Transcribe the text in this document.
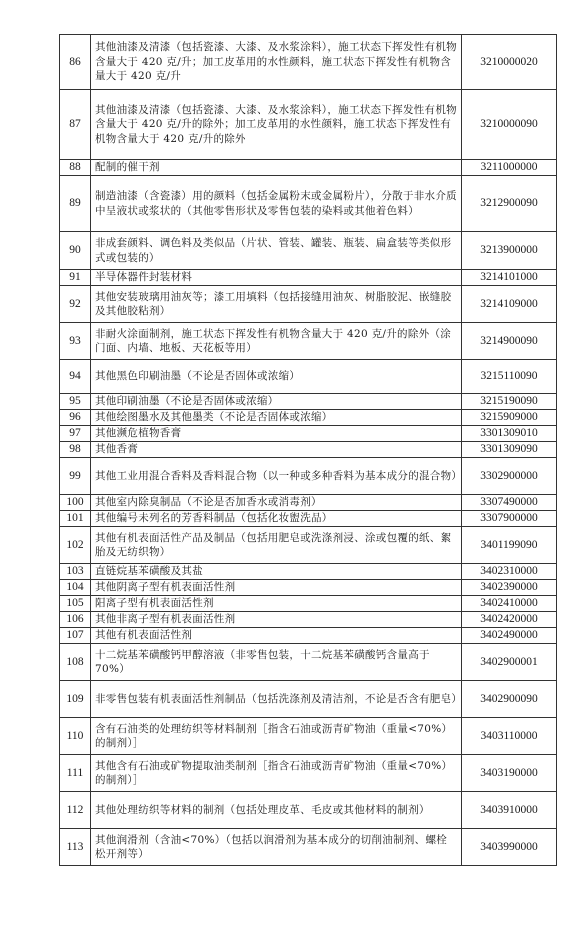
86	其他油漆及清漆（包括瓷漆、大漆、及水浆涂料），施工状态下挥发性有机物含量大于 420 克/升；加工皮革用的水性颜料，施工状态下挥发性有机物含量大于 420 克/升	3210000020
87	其他油漆及清漆（包括瓷漆、大漆、及水浆涂料），施工状态下挥发性有机物含量大于 420 克/升的除外；加工皮革用的水性颜料，施工状态下挥发性有机物含量大于 420 克/升的除外	3210000090
88	配制的催干剂	3211000000
89	制造油漆（含瓷漆）用的颜料（包括金属粉末或金属粉片），分散于非水介质中呈液状或浆状的（其他零售形状及零售包装的染料或其他着色料）	3212900090
90	非成套颜料、调色料及类似品（片状、管装、罐装、瓶装、扁盒装等类似形式或包装的）	3213900000
91	半导体器件封装材料	3214101000
92	其他安装玻璃用油灰等；漆工用填料（包括接缝用油灰、树脂胶泥、嵌缝胶及其他胶粘剂）	3214109000
93	非耐火涂面制剂，施工状态下挥发性有机物含量大于 420 克/升的除外（涂门面、内墙、地板、天花板等用）	3214900090
94	其他黑色印刷油墨（不论是否固体或浓缩）	3215110090
95	其他印刷油墨（不论是否固体或浓缩）	3215190090
96	其他绘图墨水及其他墨类（不论是否固体或浓缩）	3215909000
97	其他濒危植物香膏	3301309010
98	其他香膏	3301309090
99	其他工业用混合香料及香料混合物（以一种或多种香料为基本成分的混合物）	3302900000
100	其他室内除臭制品（不论是否加香水或消毒剂）	3307490000
101	其他编号未列名的芳香料制品（包括化妆盥洗品）	3307900000
102	其他有机表面活性产品及制品（包括用肥皂或洗涤剂浸、涂或包覆的纸、絮胎及无纺织物）	3401199090
103	直链烷基苯磺酸及其盐	3402310000
104	其他阴离子型有机表面活性剂	3402390000
105	阳离子型有机表面活性剂	3402410000
106	其他非离子型有机表面活性剂	3402420000
107	其他有机表面活性剂	3402490000
108	十二烷基苯磺酸钙甲醇溶液（非零售包装，十二烷基苯磺酸钙含量高于 70%）	3402900001
109	非零售包装有机表面活性剂制品（包括洗涤剂及清洁剂，不论是否含有肥皂）	3402900090
110	含有石油类的处理纺织等材料制剂［指含石油或沥青矿物油（重量<70%）的制剂）］	3403110000
111	其他含有石油或矿物提取油类制剂［指含石油或沥青矿物油（重量<70%）的制剂）］	3403190000
112	其他处理纺织等材料的制剂（包括处理皮革、毛皮或其他材料的制剂）	3403910000
113	其他润滑剂（含油<70%）（包括以润滑剂为基本成分的切削油制剂、螺栓松开剂等）	3403990000
